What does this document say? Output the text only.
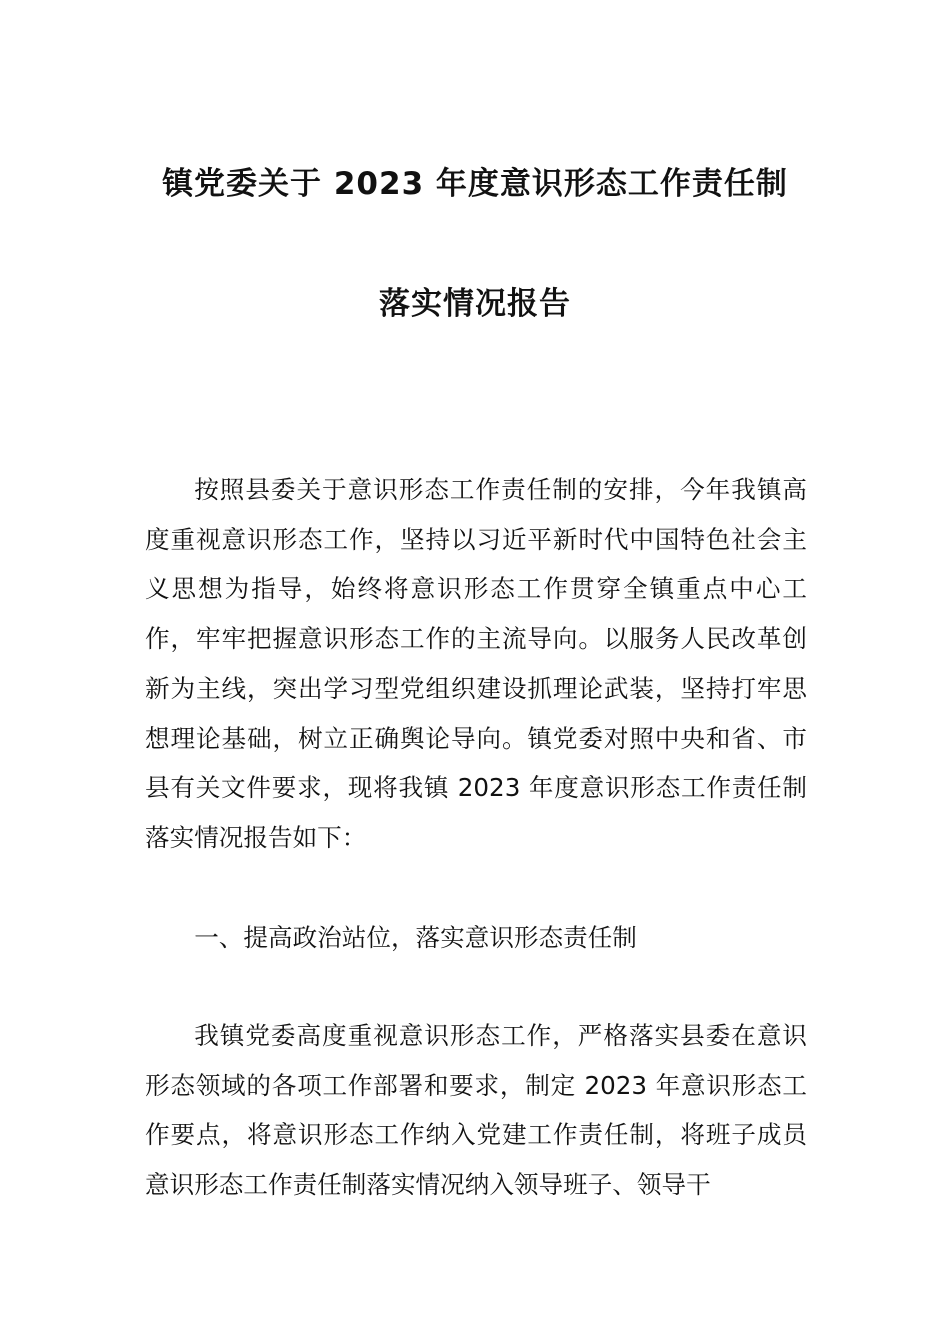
镇党委关于 2023 年度意识形态工作责任制
落实情况报告

按照县委关于意识形态工作责任制的安排，今年我镇高度重视意识形态工作，坚持以习近平新时代中国特色社会主义思想为指导，始终将意识形态工作贯穿全镇重点中心工作，牢牢把握意识形态工作的主流导向。以服务人民改革创新为主线，突出学习型党组织建设抓理论武装，坚持打牢思想理论基础，树立正确舆论导向。镇党委对照中央和省、市县有关文件要求，现将我镇 2023 年度意识形态工作责任制落实情况报告如下：

一、提高政治站位，落实意识形态责任制

我镇党委高度重视意识形态工作，严格落实县委在意识形态领域的各项工作部署和要求，制定 2023 年意识形态工作要点，将意识形态工作纳入党建工作责任制，将班子成员意识形态工作责任制落实情况纳入领导班子、领导干
